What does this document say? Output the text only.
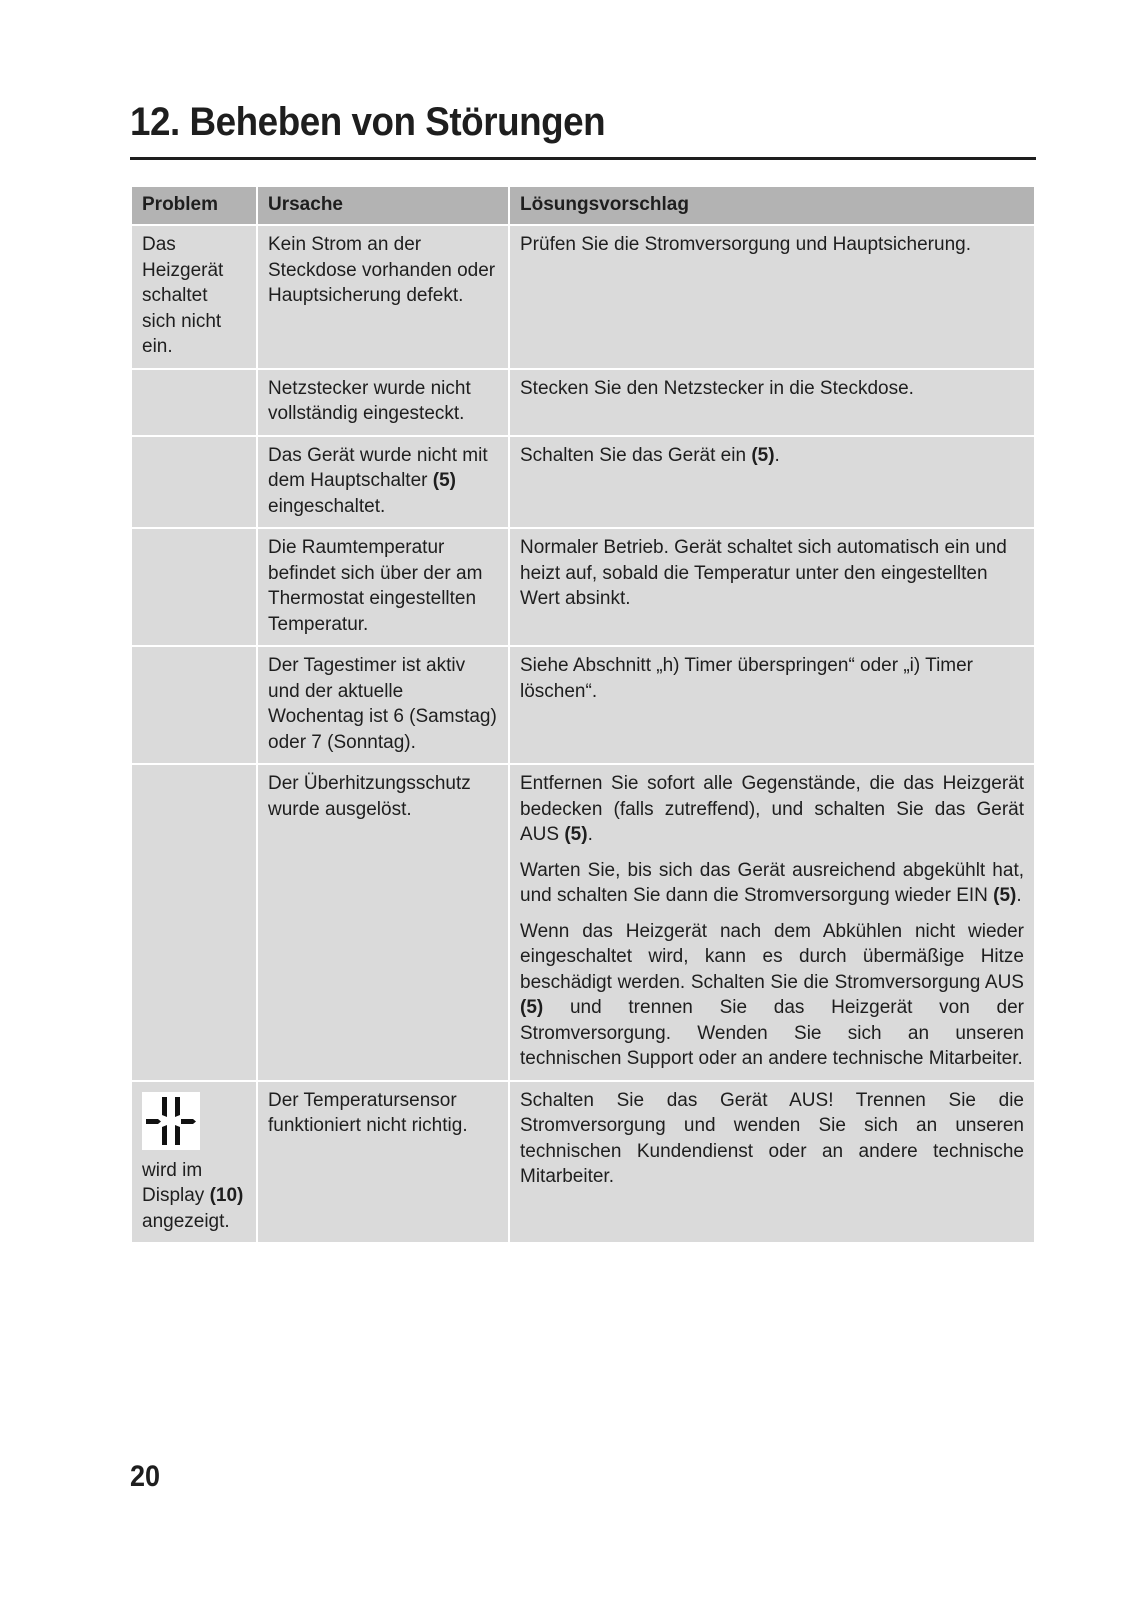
12. Beheben von Störungen
Problem	Ursache	Lösungsvorschlag
Das Heizgerät schaltet sich nicht ein.	Kein Strom an der Steckdose vorhanden oder Hauptsicherung defekt.	Prüfen Sie die Stromversorgung und Hauptsicherung.

	Netzstecker wurde nicht vollständig eingesteckt.	Stecken Sie den Netzstecker in die Steckdose.

	Das Gerät wurde nicht mit dem Hauptschalter (5) eingeschaltet.	Schalten Sie das Gerät ein (5).

	Die Raumtemperatur befindet sich über der am Thermostat eingestellten Temperatur.	Normaler Betrieb. Gerät schaltet sich automatisch ein und heizt auf, sobald die Temperatur unter den eingestellten Wert absinkt.

	Der Tagestimer ist aktiv und der aktuelle Wochentag ist 6 (Samstag) oder 7 (Sonntag).	Siehe Abschnitt „h) Timer überspringen“ oder „i) Timer löschen“.

	Der Überhitzungsschutz wurde ausgelöst.	Entfernen Sie sofort alle Gegenstände, die das Heizgerät bedecken (falls zutreffend), und schalten Sie das Gerät AUS (5).

Warten Sie, bis sich das Gerät ausreichend abgekühlt hat, und schalten Sie dann die Stromversorgung wieder EIN (5).

Wenn das Heizgerät nach dem Abkühlen nicht wieder eingeschaltet wird, kann es durch übermäßige Hitze beschädigt werden. Schalten Sie die Stromversorgung AUS (5) und trennen Sie das Heizgerät von der Stromversorgung. Wenden Sie sich an unseren technischen Support oder an andere technische Mitarbeiter.

wird im Display (10) angezeigt.	Der Temperatursensor funktioniert nicht richtig.	Schalten Sie das Gerät AUS! Trennen Sie die Stromversorgung und wenden Sie sich an unseren technischen Kundendienst oder an andere technische Mitarbeiter.

20
